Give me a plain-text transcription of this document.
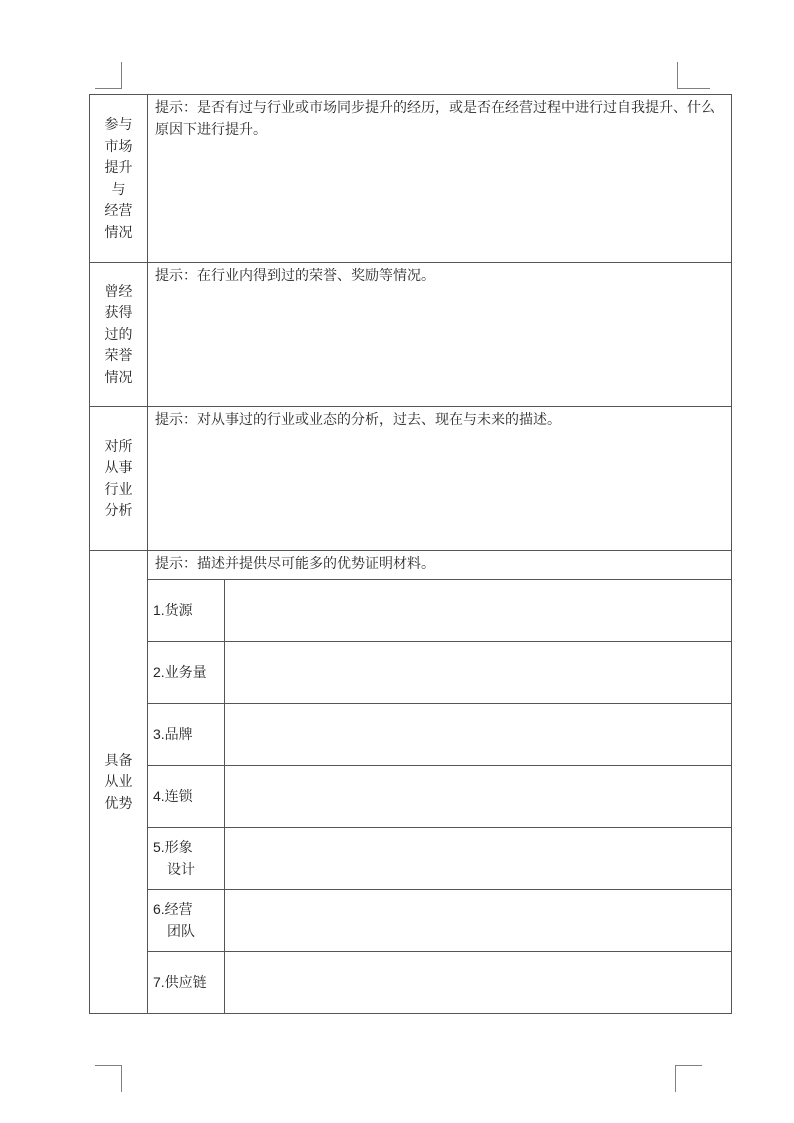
参与
市场
提升
与
经营
情况
提示：是否有过与行业或市场同步提升的经历，或是否在经营过程中进行过自我提升、什么原因下进行提升。
曾经
获得
过的
荣誉
情况
提示：在行业内得到过的荣誉、奖励等情况。
对所
从事
行业
分析
提示：对从事过的行业或业态的分析，过去、现在与未来的描述。
具备
从业
优势
提示：描述并提供尽可能多的优势证明材料。
1.货源
2.业务量
3.品牌
4.连锁
5.形象
设计
6.经营
团队
7.供应链
